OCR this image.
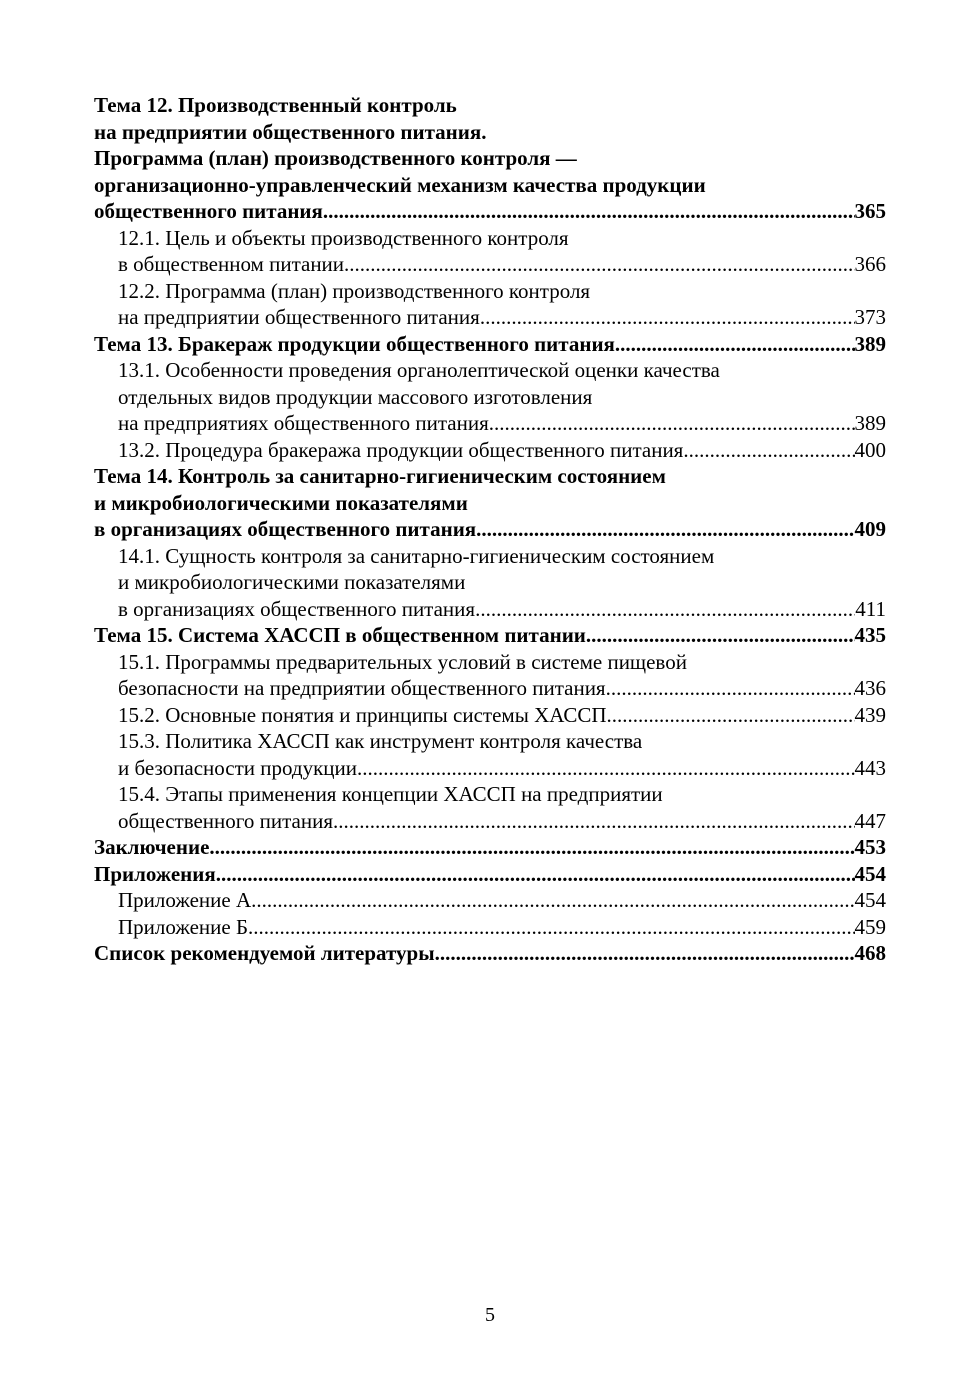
Тема 12. Производственный контроль
на предприятии общественного питания.
Программа (план) производственного контроля —
организационно-управленческий механизм качества продукции
общественного питания .....	365
12.1. Цель и объекты производственного контроля
в общественном питании .....	366
12.2. Программа (план) производственного контроля
на предприятии общественного питания .....	373
Тема 13. Бракераж продукции общественного питания .....	389
13.1. Особенности проведения органолептической оценки качества
отдельных видов продукции массового изготовления
на предприятиях общественного питания .....	389
13.2. Процедура бракеража продукции общественного питания .....	400
Тема 14. Контроль за санитарно-гигиеническим состоянием
и микробиологическими показателями
в организациях общественного питания .....	409
14.1. Сущность контроля за санитарно-гигиеническим состоянием
и микробиологическими показателями
в организациях общественного питания .....	411
Тема 15. Система ХАССП в общественном питании .....	435
15.1. Программы предварительных условий в системе пищевой
безопасности на предприятии общественного питания .....	436
15.2. Основные понятия и принципы системы ХАССП .....	439
15.3. Политика ХАССП как инструмент контроля качества
и безопасности продукции .....	443
15.4. Этапы применения концепции ХАССП на предприятии
общественного питания .....	447
Заключение .....	453
Приложения .....	454
Приложение А .....	454
Приложение Б .....	459
Список рекомендуемой литературы .....	468
5
